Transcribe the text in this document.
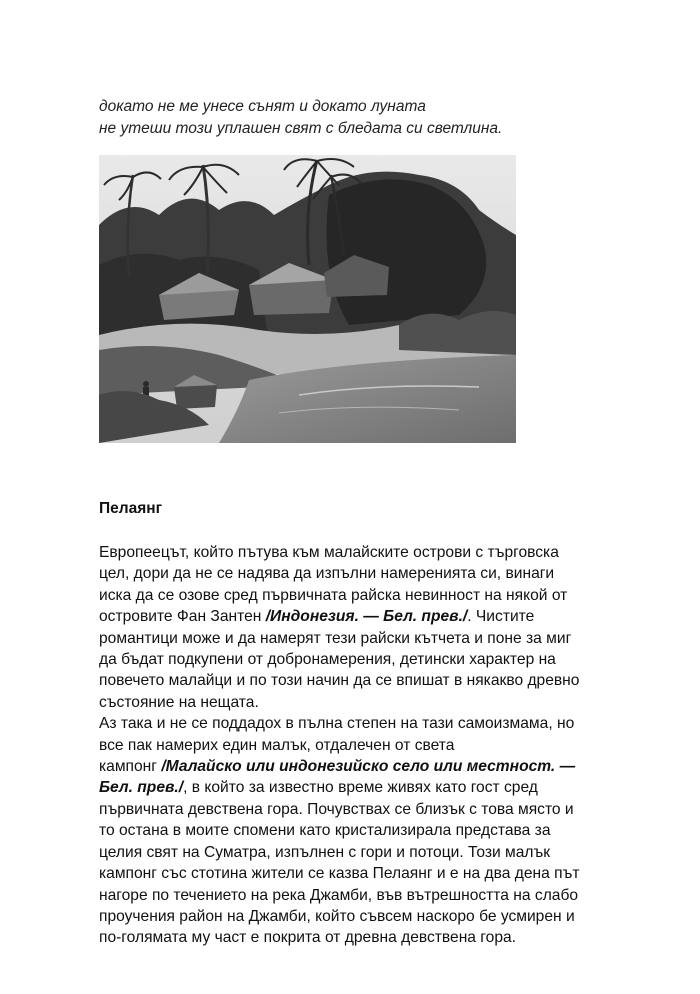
докато не ме унесе сънят и докато луната
не утеши този уплашен свят с бледата си светлина.
Пелаянг
Европеецът, който пътува към малайските острови с търговска
цел, дори да не се надява да изпълни намеренията си, винаги
иска да се озове сред първичната райска невинност на някой от
островите Фан Зантен /Индонезия. — Бел. прев./. Чистите
романтици може и да намерят тези райски кътчета и поне за миг
да бъдат подкупени от добронамерения, детински характер на
повечето малайци и по този начин да се впишат в някакво древно
състояние на нещата.
Аз така и не се поддадох в пълна степен на тази самоизмама, но
все пак намерих един малък, отдалечен от света
кампонг /Малайско или индонезийско село или местност. —
Бел. прев./, в който за известно време живях като гост сред
първичната девствена гора. Почувствах се близък с това място и
то остана в моите спомени като кристализирала представа за
целия свят на Суматра, изпълнен с гори и потоци. Този малък
кампонг със стотина жители се казва Пелаянг и е на два дена път
нагоре по течението на река Джамби, във вътрешността на слабо
проучения район на Джамби, който съвсем наскоро бе усмирен и
по-голямата му част е покрита от древна девствена гора.
